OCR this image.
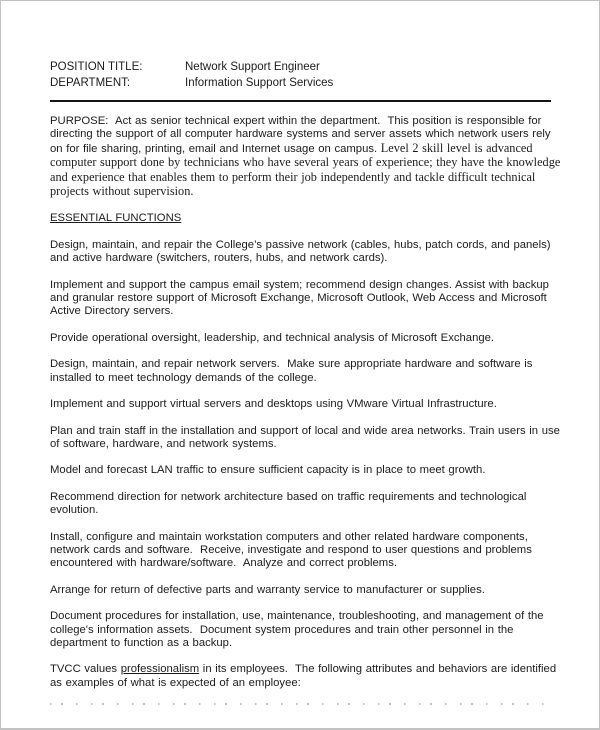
POSITION TITLE:	Network Support Engineer
DEPARTMENT:	Information Support Services

PURPOSE:  Act as senior technical expert within the department.  This position is responsible for directing the support of all computer hardware systems and server assets which network users rely on for file sharing, printing, email and Internet usage on campus. Level 2 skill level is advanced computer support done by technicians who have several years of experience; they have the knowledge and experience that enables them to perform their job independently and tackle difficult technical projects without supervision.

ESSENTIAL FUNCTIONS

Design, maintain, and repair the College’s passive network (cables, hubs, patch cords, and panels) and active hardware (switchers, routers, hubs, and network cards).

Implement and support the campus email system; recommend design changes. Assist with backup and granular restore support of Microsoft Exchange, Microsoft Outlook, Web Access and Microsoft Active Directory servers.

Provide operational oversight, leadership, and technical analysis of Microsoft Exchange.

Design, maintain, and repair network servers.  Make sure appropriate hardware and software is installed to meet technology demands of the college.

Implement and support virtual servers and desktops using VMware Virtual Infrastructure.

Plan and train staff in the installation and support of local and wide area networks. Train users in use of software, hardware, and network systems.

Model and forecast LAN traffic to ensure sufficient capacity is in place to meet growth.

Recommend direction for network architecture based on traffic requirements and technological evolution.

Install, configure and maintain workstation computers and other related hardware components, network cards and software.  Receive, investigate and respond to user questions and problems encountered with hardware/software.  Analyze and correct problems.

Arrange for return of defective parts and warranty service to manufacturer or supplies.

Document procedures for installation, use, maintenance, troubleshooting, and management of the college's information assets.  Document system procedures and train other personnel in the department to function as a backup.

TVCC values professionalism in its employees.  The following attributes and behaviors are identified as examples of what is expected of an employee:
